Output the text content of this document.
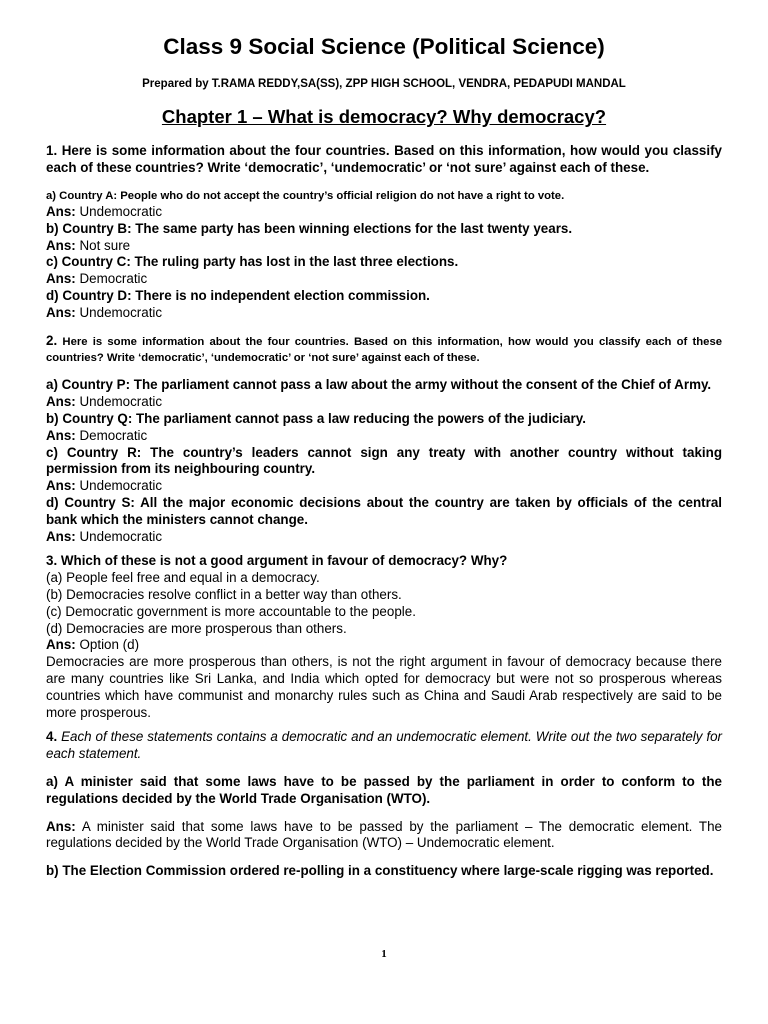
Class 9 Social Science (Political Science)
Prepared by T.RAMA REDDY,SA(SS), ZPP HIGH SCHOOL, VENDRA, PEDAPUDI MANDAL
Chapter 1 – What is democracy? Why democracy?

1. Here is some information about the four countries. Based on this information, how would you classify each of these countries? Write ‘democratic’, ‘undemocratic’ or ‘not sure’ against each of these.

a) Country A: People who do not accept the country’s official religion do not have a right to vote.

Ans: Undemocratic

b) Country B: The same party has been winning elections for the last twenty years.

Ans: Not sure

c) Country C: The ruling party has lost in the last three elections.

Ans: Democratic

d) Country D: There is no independent election commission.

Ans: Undemocratic

2. Here is some information about the four countries. Based on this information, how would you classify each of these countries? Write ‘democratic’, ‘undemocratic’ or ‘not sure’ against each of these.

a) Country P: The parliament cannot pass a law about the army without the consent of the Chief of Army.

Ans: Undemocratic

b) Country Q: The parliament cannot pass a law reducing the powers of the judiciary.

Ans: Democratic

c) Country R: The country’s leaders cannot sign any treaty with another country without taking permission from its neighbouring country.

Ans: Undemocratic

d) Country S: All the major economic decisions about the country are taken by officials of the central bank which the ministers cannot change.

Ans: Undemocratic

3. Which of these is not a good argument in favour of democracy? Why?

(a) People feel free and equal in a democracy.

(b) Democracies resolve conflict in a better way than others.

(c) Democratic government is more accountable to the people.

(d) Democracies are more prosperous than others.

Ans: Option (d)

Democracies are more prosperous than others, is not the right argument in favour of democracy because there are many countries like Sri Lanka, and India which opted for democracy but were not so prosperous whereas countries which have communist and monarchy rules such as China and Saudi Arab respectively are said to be more prosperous.

4. Each of these statements contains a democratic and an undemocratic element. Write out the two separately for each statement.

a) A minister said that some laws have to be passed by the parliament in order to conform to the regulations decided by the World Trade Organisation (WTO).

Ans: A minister said that some laws have to be passed by the parliament – The democratic element. The regulations decided by the World Trade Organisation (WTO) – Undemocratic element.

b) The Election Commission ordered re-polling in a constituency where large-scale rigging was reported.

1
